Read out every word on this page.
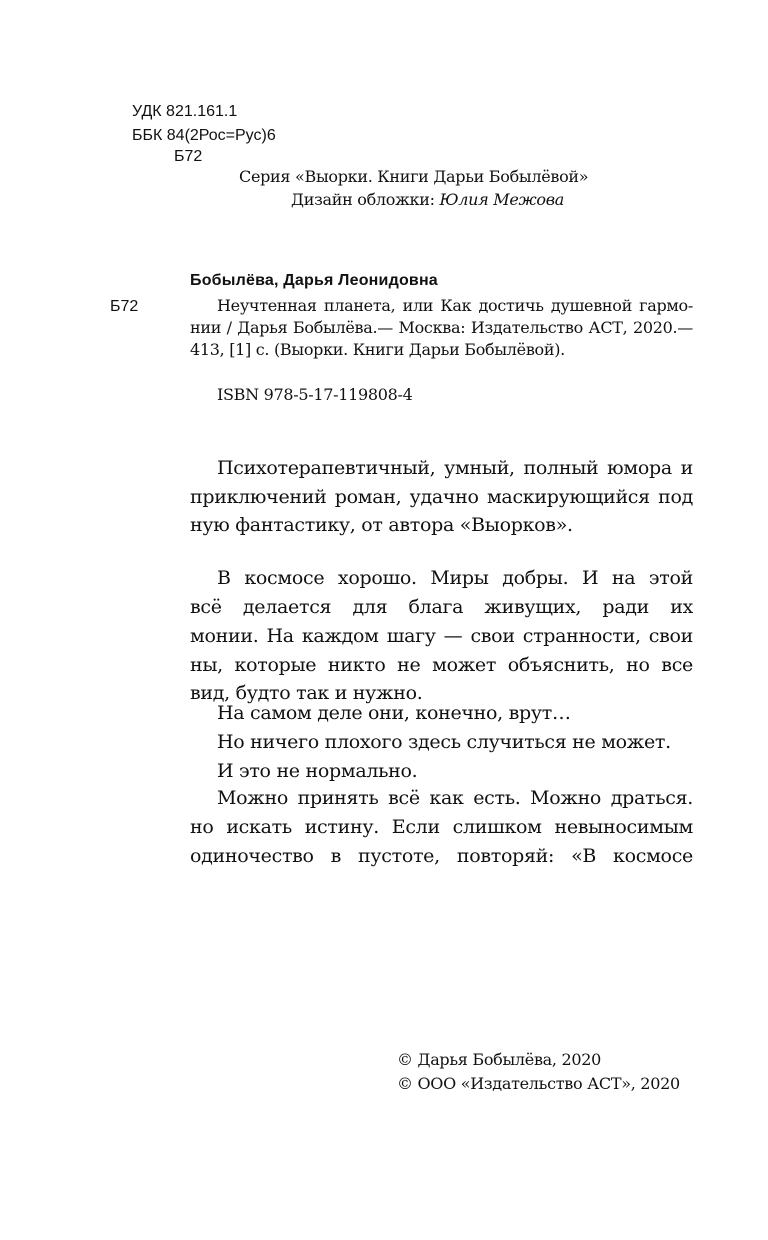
УДК 821.161.1
ББК 84(2Рос=Рус)6
Б72
Серия «Выорки. Книги Дарьи Бобылёвой»
Дизайн обложки: Юлия Межова
Бобылёва, Дарья Леонидовна
Б72	Неучтенная планета, или Как достичь душевной гармо-
нии / Дарья Бобылёва.— Москва: Издательство АСТ, 2020.—
413, [1] с. (Выорки. Книги Дарьи Бобылёвой).
ISBN 978-5-17-119808-4
Психотерапевтичный, умный, полный юмора и
приключений роман, удачно маскирующийся под
ную фантастику, от автора «Выорков».
В космосе хорошо. Миры добры. И на этой
всё делается для блага живущих, ради их
монии. На каждом шагу — свои странности, свои
ны, которые никто не может объяснить, но все
вид, будто так и нужно.
На самом деле они, конечно, врут…
Но ничего плохого здесь случиться не может.
И это не нормально.
Можно принять всё как есть. Можно драться.
но искать истину. Если слишком невыносимым
одиночество в пустоте, повторяй: «В космосе
© Дарья Бобылёва, 2020
© ООО «Издательство АСТ», 2020
